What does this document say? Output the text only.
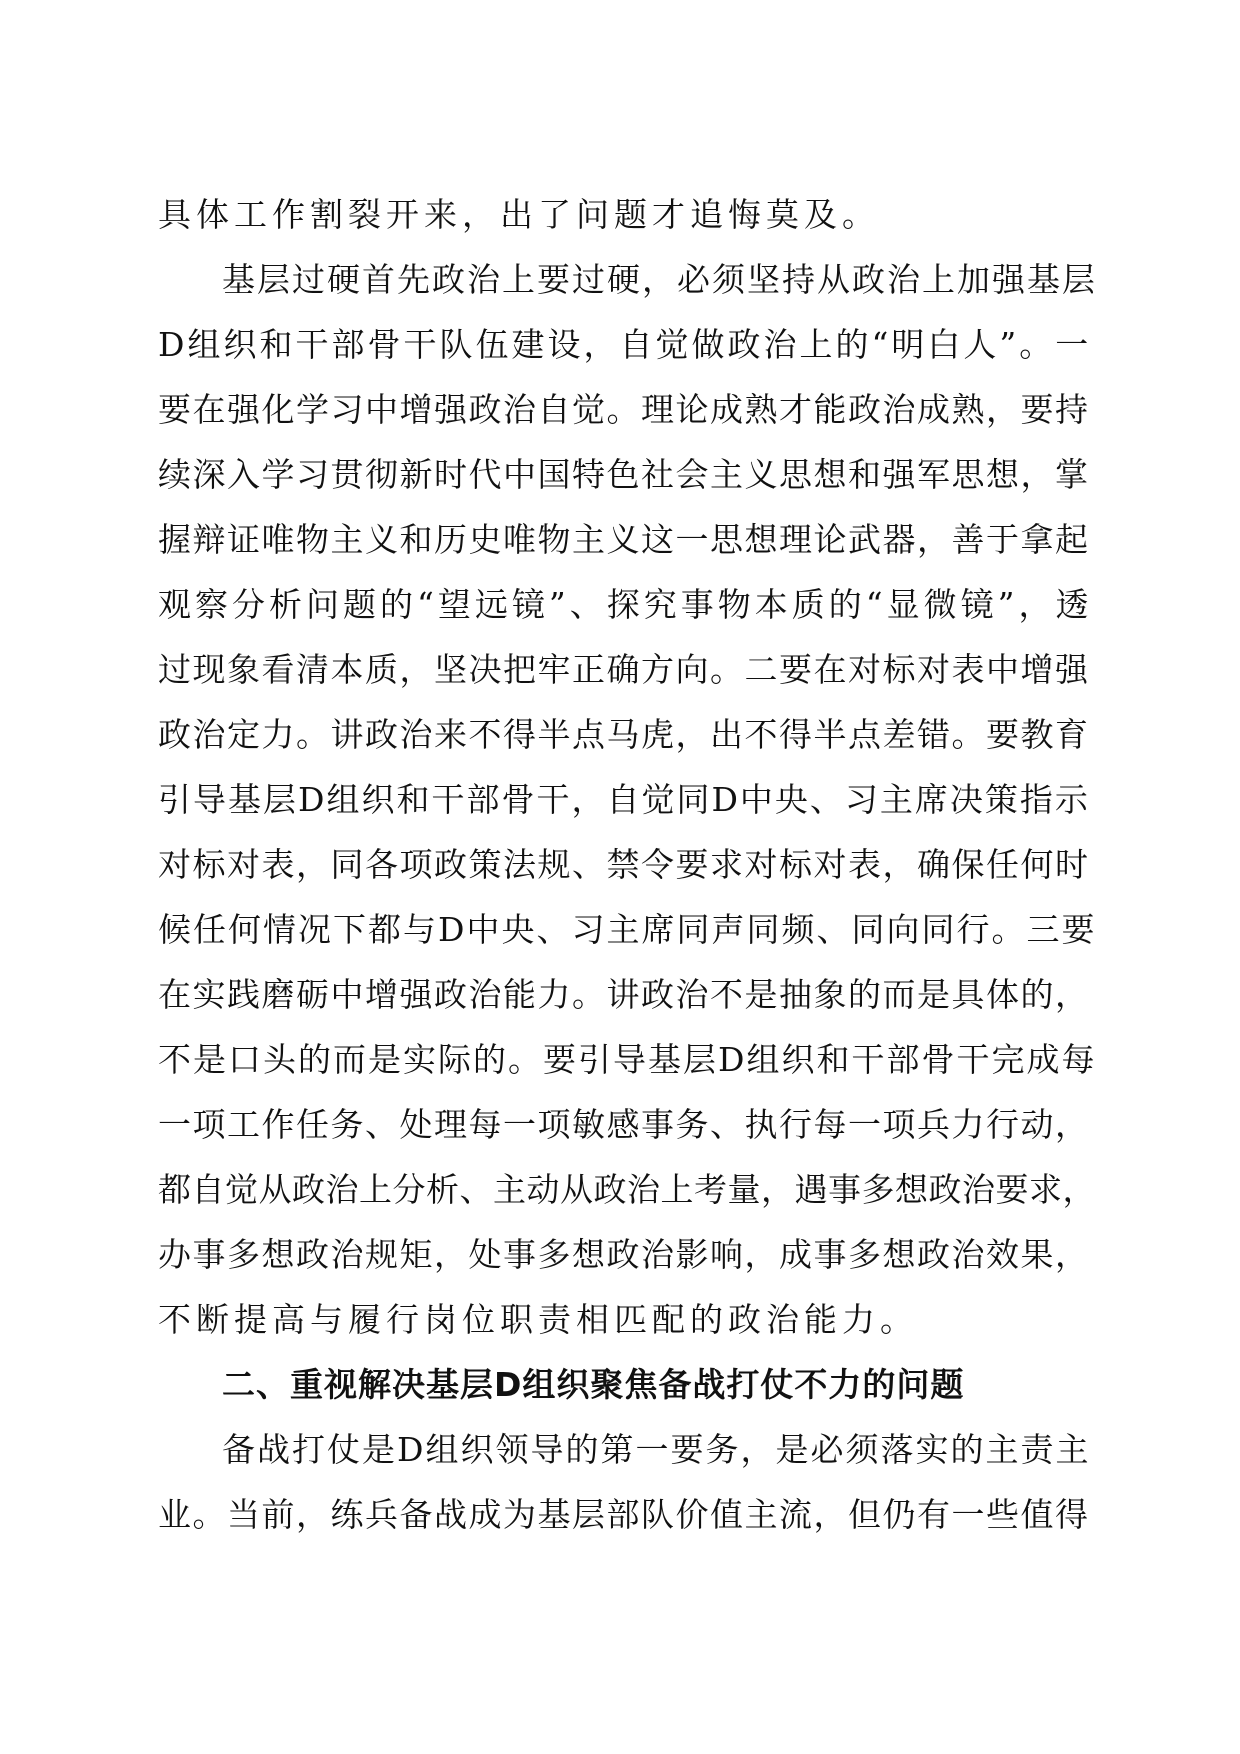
具体工作割裂开来，出了问题才追悔莫及。
基层过硬首先政治上要过硬，必须坚持从政治上加强基层
D组织和干部骨干队伍建设，自觉做政治上的“明白人”。一
要在强化学习中增强政治自觉。理论成熟才能政治成熟，要持
续深入学习贯彻新时代中国特色社会主义思想和强军思想，掌
握辩证唯物主义和历史唯物主义这一思想理论武器，善于拿起
观察分析问题的“望远镜”、探究事物本质的“显微镜”，透
过现象看清本质，坚决把牢正确方向。二要在对标对表中增强
政治定力。讲政治来不得半点马虎，出不得半点差错。要教育
引导基层D组织和干部骨干，自觉同D中央、习主席决策指示
对标对表，同各项政策法规、禁令要求对标对表，确保任何时
候任何情况下都与D中央、习主席同声同频、同向同行。三要
在实践磨砺中增强政治能力。讲政治不是抽象的而是具体的，
不是口头的而是实际的。要引导基层D组织和干部骨干完成每
一项工作任务、处理每一项敏感事务、执行每一项兵力行动，
都自觉从政治上分析、主动从政治上考量，遇事多想政治要求，
办事多想政治规矩，处事多想政治影响，成事多想政治效果，
不断提高与履行岗位职责相匹配的政治能力。
二、重视解决基层D组织聚焦备战打仗不力的问题
备战打仗是D组织领导的第一要务，是必须落实的主责主
业。当前，练兵备战成为基层部队价值主流，但仍有一些值得
